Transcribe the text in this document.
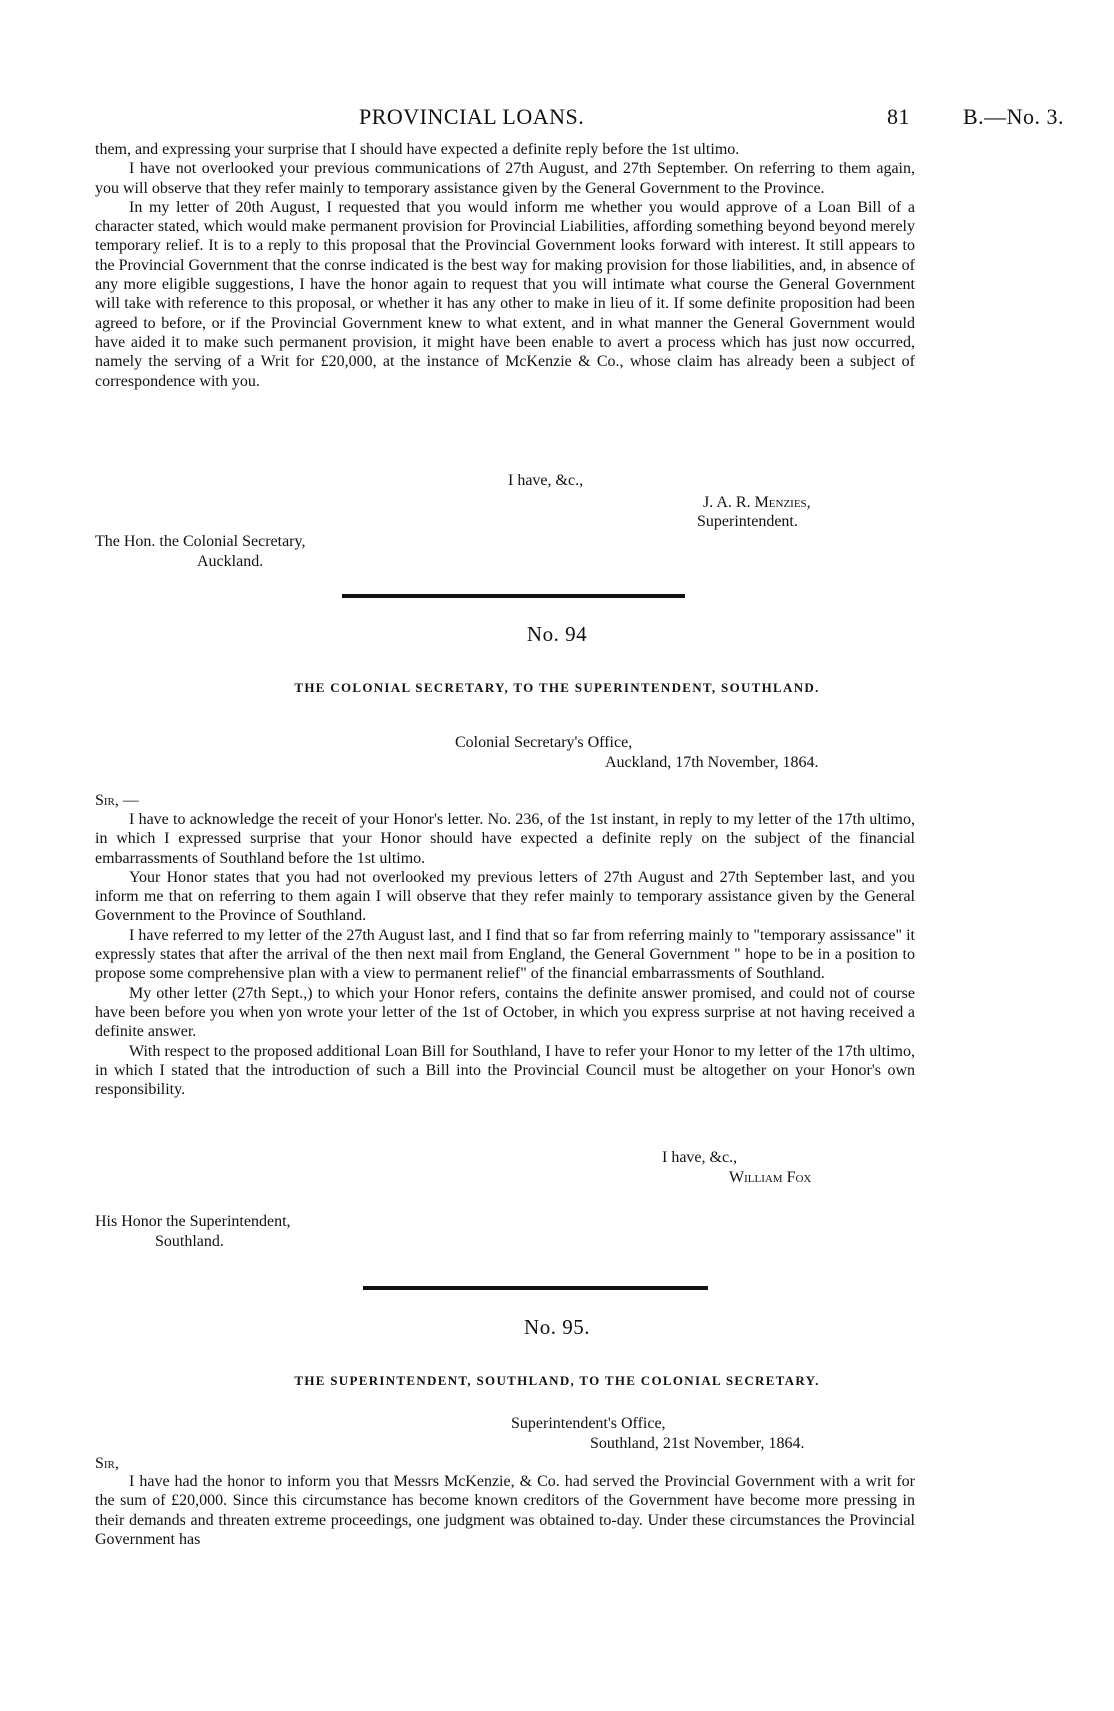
PROVINCIAL LOANS.	81 B.—No. 3.

them, and expressing your surprise that I should have expected a definite reply before the 1st ultimo.

I have not overlooked your previous communications of 27th August, and 27th September. On referring to them again, you will observe that they refer mainly to temporary assistance given by the General Government to the Province.

In my letter of 20th August, I requested that you would inform me whether you would approve of a Loan Bill of a character stated, which would make permanent provision for Provincial Liabilities, affording something beyond beyond merely temporary relief. It is to a reply to this proposal that the Provincial Government looks forward with interest. It still appears to the Provincial Government that the conrse indicated is the best way for making provision for those liabilities, and, in absence of any more eligible suggestions, I have the honor again to request that you will intimate what course the General Government will take with reference to this proposal, or whether it has any other to make in lieu of it. If some definite proposition had been agreed to before, or if the Provincial Government knew to what extent, and in what manner the General Government would have aided it to make such permanent provision, it might have been enable to avert a process which has just now occurred, namely the serving of a Writ for £20,000, at the instance of McKenzie & Co., whose claim has already been a subject of correspondence with you.

I have, &c.,
J. A. R. Menzies,
Superintendent.
The Hon. the Colonial Secretary,
Auckland.
No. 94
THE COLONIAL SECRETARY, TO THE SUPERINTENDENT, SOUTHLAND.
Colonial Secretary's Office,
Auckland, 17th November, 1864.
Sir, —

I have to acknowledge the receit of your Honor's letter. No. 236, of the 1st instant, in reply to my letter of the 17th ultimo, in which I expressed surprise that your Honor should have expected a definite reply on the subject of the financial embarrassments of Southland before the 1st ultimo.

Your Honor states that you had not overlooked my previous letters of 27th August and 27th September last, and you inform me that on referring to them again I will observe that they refer mainly to temporary assistance given by the General Government to the Province of Southland.

I have referred to my letter of the 27th August last, and I find that so far from referring mainly to "temporary assissance" it expressly states that after the arrival of the then next mail from England, the General Government " hope to be in a position to propose some comprehensive plan with a view to permanent relief" of the financial embarrassments of Southland.

My other letter (27th Sept.,) to which your Honor refers, contains the definite answer promised, and could not of course have been before you when yon wrote your letter of the 1st of October, in which you express surprise at not having received a definite answer.

With respect to the proposed additional Loan Bill for Southland, I have to refer your Honor to my letter of the 17th ultimo, in which I stated that the introduction of such a Bill into the Provincial Council must be altogether on your Honor's own responsibility.

I have, &c.,
William Fox
His Honor the Superintendent,
Southland.
No. 95.
THE SUPERINTENDENT, SOUTHLAND, TO THE COLONIAL SECRETARY.
Superintendent's Office,
Southland, 21st November, 1864.
Sir,

I have had the honor to inform you that Messrs McKenzie, & Co. had served the Provincial Government with a writ for the sum of £20,000. Since this circumstance has become known creditors of the Government have become more pressing in their demands and threaten extreme proceedings, one judgment was obtained to-day. Under these circumstances the Provincial Government has
